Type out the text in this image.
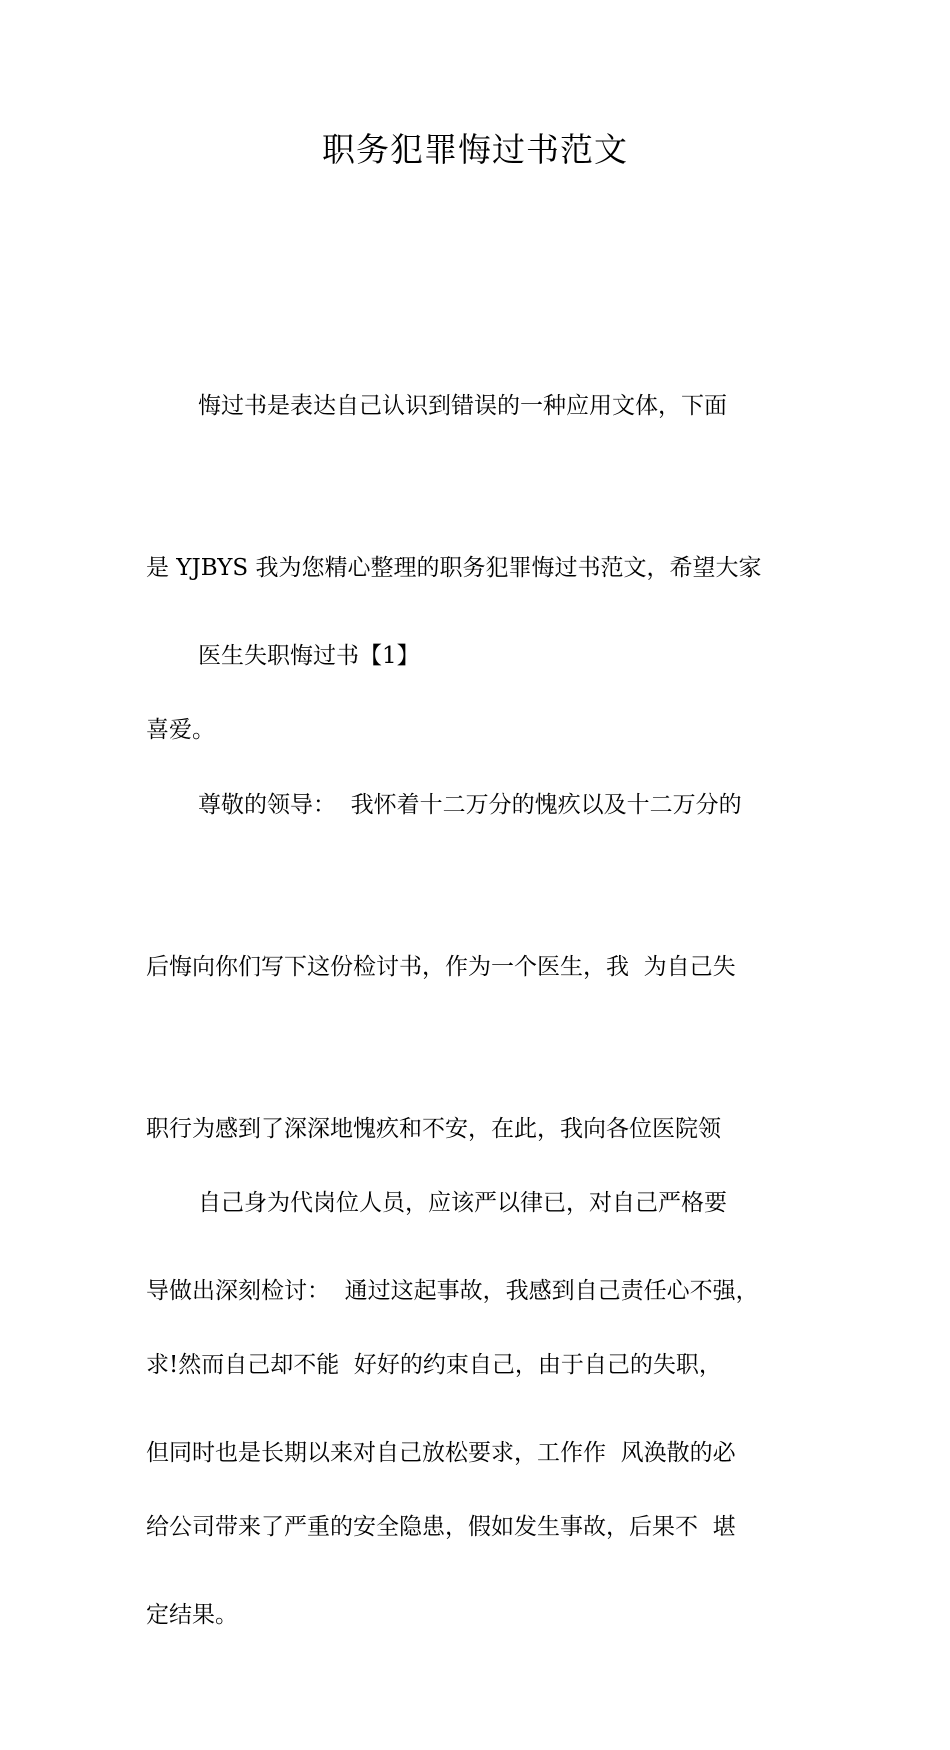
职务犯罪悔过书范文

悔过书是表达自己认识到错误的一种应用文体，下面

是 YJBYS 我为您精心整理的职务犯罪悔过书范文，希望大家

喜爱。

医生失职悔过书【1】

尊敬的领导：  我怀着十二万分的愧疚以及十二万分的

后悔向你们写下这份检讨书，作为一个医生，我  为自己失

职行为感到了深深地愧疚和不安，在此，我向各位医院领

导做出深刻检讨：  通过这起事故，我感到自己责任心不强，

但同时也是长期以来对自己放松要求，工作作  风涣散的必

定结果。

自己身为代岗位人员，应该严以律已，对自己严格要

求!然而自己却不能  好好的约束自己，由于自己的失职，

给公司带来了严重的安全隐患，假如发生事故，后果不  堪
